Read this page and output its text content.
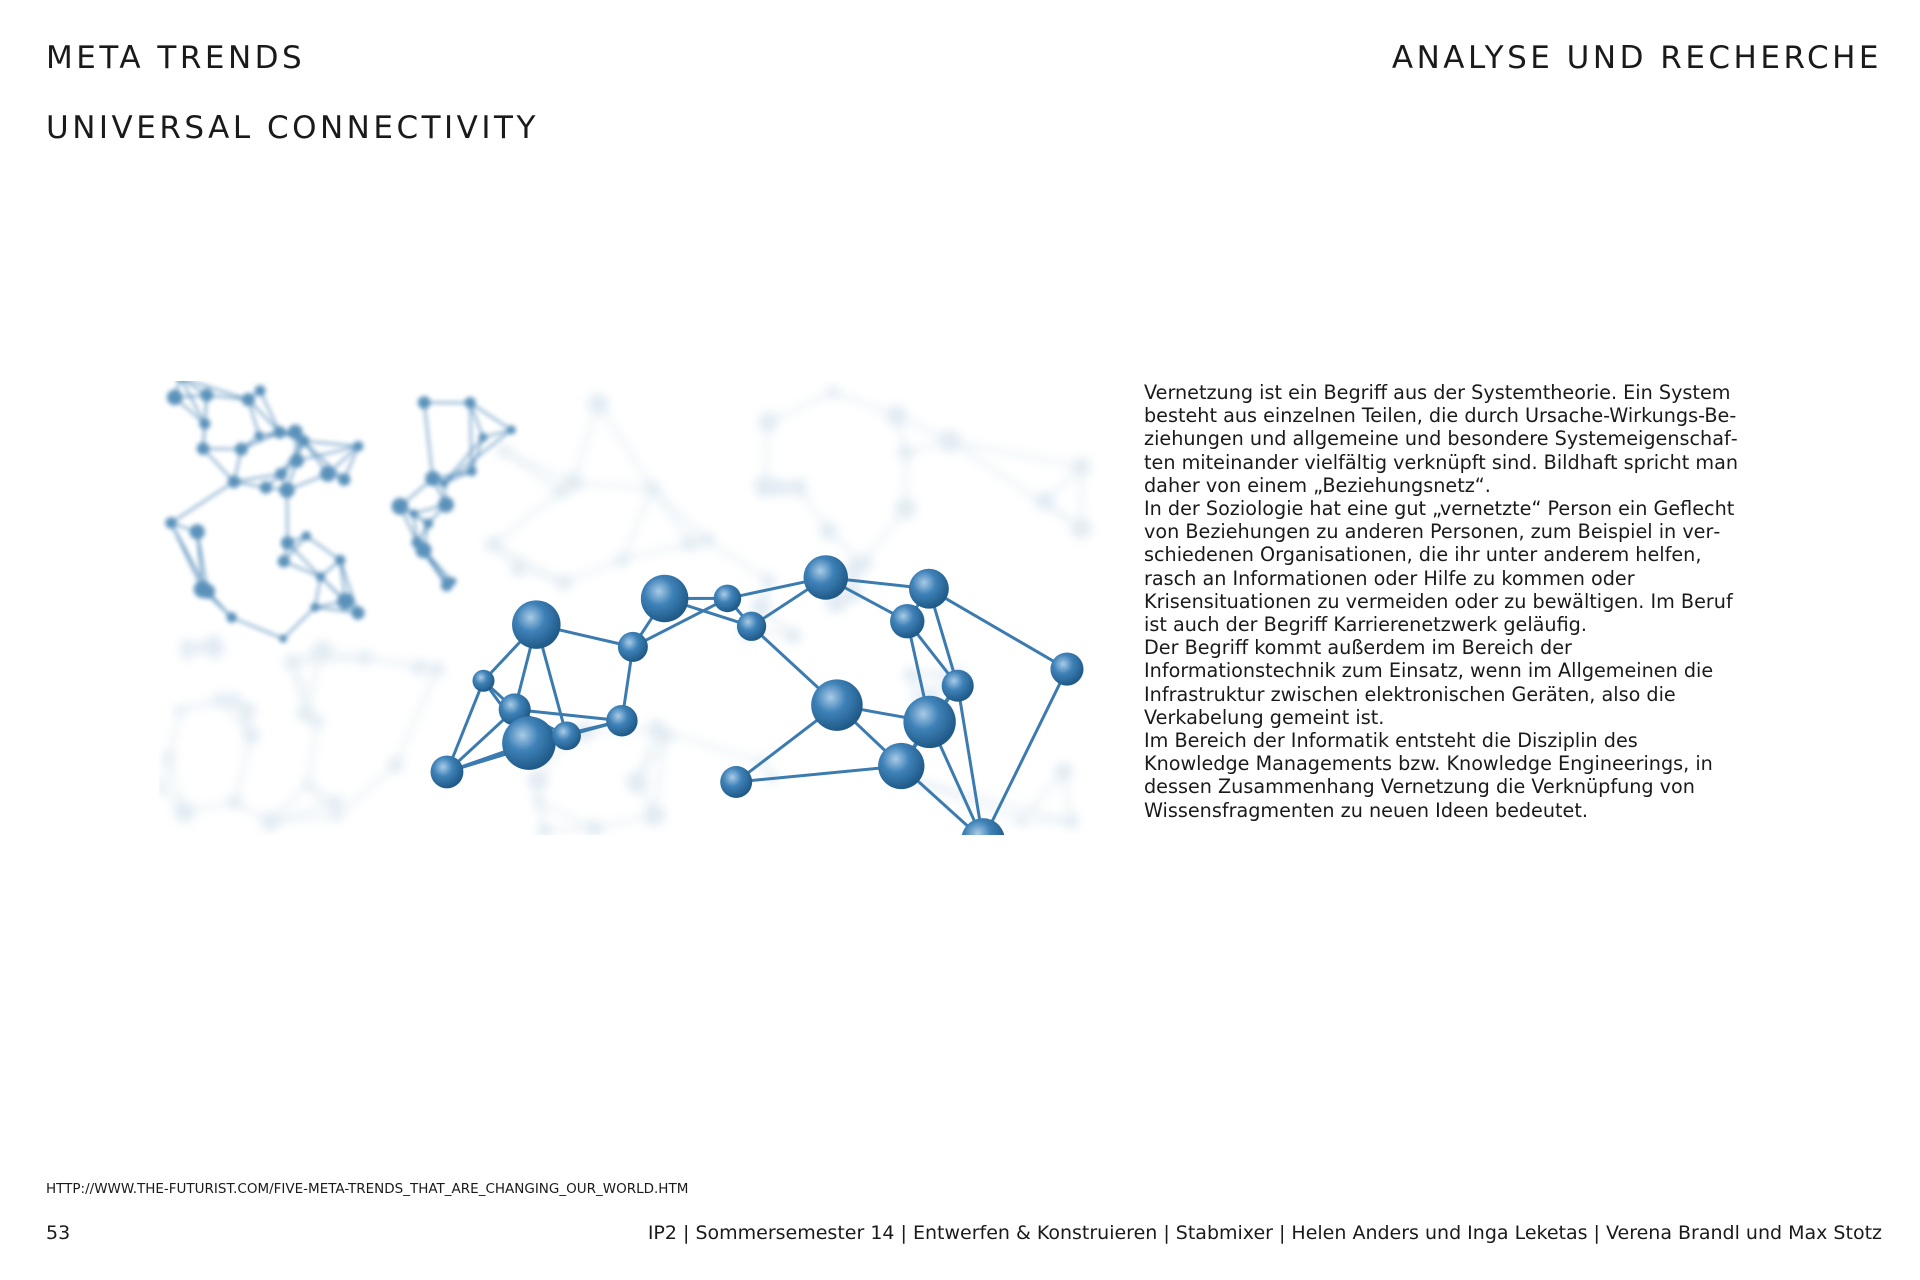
META TRENDS
UNIVERSAL CONNECTIVITY
ANALYSE UND RECHERCHE

Vernetzung ist ein Begriff aus der Systemtheorie. Ein System besteht aus einzelnen Teilen, die durch Ursache-Wirkungs-Beziehungen und allgemeine und besondere Systemeigenschaften miteinander vielfältig verknüpft sind. Bildhaft spricht man daher von einem „Beziehungsnetz“.

In der Soziologie hat eine gut „vernetzte“ Person ein Geflecht von Beziehungen zu anderen Personen, zum Beispiel in verschiedenen Organisationen, die ihr unter anderem helfen, rasch an Informationen oder Hilfe zu kommen oder Krisensituationen zu vermeiden oder zu bewältigen. Im Beruf ist auch der Begriff Karrierenetzwerk geläufig.

Der Begriff kommt außerdem im Bereich der Informationstechnik zum Einsatz, wenn im Allgemeinen die Infrastruktur zwischen elektronischen Geräten, also die Verkabelung gemeint ist.

Im Bereich der Informatik entsteht die Disziplin des Knowledge Managements bzw. Knowledge Engineerings, in dessen Zusammenhang Vernetzung die Verknüpfung von Wissensfragmenten zu neuen Ideen bedeutet.

HTTP://WWW.THE-FUTURIST.COM/FIVE-META-TRENDS_THAT_ARE_CHANGING_OUR_WORLD.HTM
53	IP2 | Sommersemester 14 | Entwerfen & Konstruieren | Stabmixer | Helen Anders und Inga Leketas | Verena Brandl und Max Stotz
